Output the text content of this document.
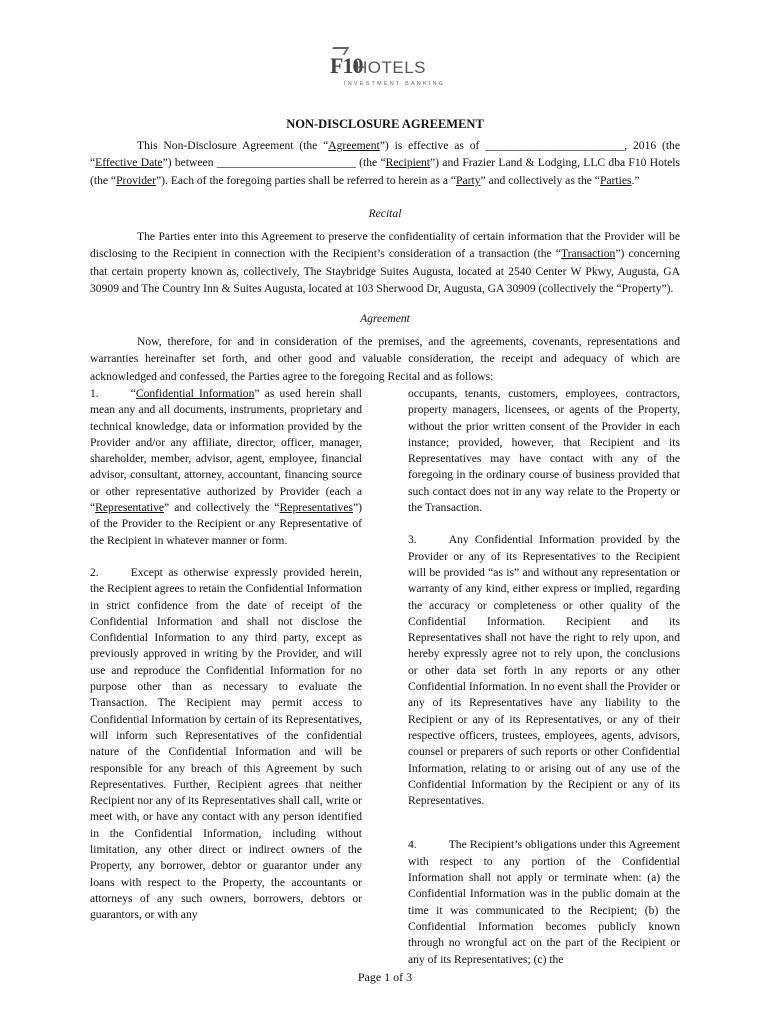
F10
HOTELS
INVESTMENT BANKING
NON-DISCLOSURE AGREEMENT
This Non-Disclosure Agreement (the “Agreement”) is effective as of ________________________, 2016 (the “Effective Date”) between ________________________ (the “Recipient”) and Frazier Land & Lodging, LLC dba F10 Hotels (the “Provider”). Each of the foregoing parties shall be referred to herein as a “Party” and collectively as the “Parties.”
Recital
The Parties enter into this Agreement to preserve the confidentiality of certain information that the Provider will be disclosing to the Recipient in connection with the Recipient’s consideration of a transaction (the “Transaction”) concerning that certain property known as, collectively, The Staybridge Suites Augusta, located at 2540 Center W Pkwy, Augusta, GA 30909 and The Country Inn & Suites Augusta, located at 103 Sherwood Dr, Augusta, GA 30909 (collectively the “Property”).
Agreement
Now, therefore, for and in consideration of the premises, and the agreements, covenants, representations and warranties hereinafter set forth, and other good and valuable consideration, the receipt and adequacy of which are acknowledged and confessed, the Parties agree to the foregoing Recital and as follows:

1.	“Confidential Information” as used herein shall mean any and all documents, instruments, proprietary and technical knowledge, data or information provided by the Provider and/or any affiliate, director, officer, manager, shareholder, member, advisor, agent, employee, financial advisor, consultant, attorney, accountant, financing source or other representative authorized by Provider (each a “Representative” and collectively the “Representatives”) of the Provider to the Recipient or any Representative of the Recipient in whatever manner or form.

2.	Except as otherwise expressly provided herein, the Recipient agrees to retain the Confidential Information in strict confidence from the date of receipt of the Confidential Information and shall not disclose the Confidential Information to any third party, except as previously approved in writing by the Provider, and will use and reproduce the Confidential Information for no purpose other than as necessary to evaluate the Transaction. The Recipient may permit access to Confidential Information by certain of its Representatives, will inform such Representatives of the confidential nature of the Confidential Information and will be responsible for any breach of this Agreement by such Representatives. Further, Recipient agrees that neither Recipient nor any of its Representatives shall call, write or meet with, or have any contact with any person identified in the Confidential Information, including without limitation, any other direct or indirect owners of the Property, any borrower, debtor or guarantor under any loans with respect to the Property, the accountants or attorneys of any such owners, borrowers, debtors or guarantors, or with any

occupants, tenants, customers, employees, contractors, property managers, licensees, or agents of the Property, without the prior written consent of the Provider in each instance; provided, however, that Recipient and its Representatives may have contact with any of the foregoing in the ordinary course of business provided that such contact does not in any way relate to the Property or the Transaction.

3.	Any Confidential Information provided by the Provider or any of its Representatives to the Recipient will be provided “as is” and without any representation or warranty of any kind, either express or implied, regarding the accuracy or completeness or other quality of the Confidential Information. Recipient and its Representatives shall not have the right to rely upon, and hereby expressly agree not to rely upon, the conclusions or other data set forth in any reports or any other Confidential Information. In no event shall the Provider or any of its Representatives have any liability to the Recipient or any of its Representatives, or any of their respective officers, trustees, employees, agents, advisors, counsel or preparers of such reports or other Confidential Information, relating to or arising out of any use of the Confidential Information by the Recipient or any of its Representatives.

4.	The Recipient’s obligations under this Agreement with respect to any portion of the Confidential Information shall not apply or terminate when: (a) the Confidential Information was in the public domain at the time it was communicated to the Recipient; (b) the Confidential Information becomes publicly known through no wrongful act on the part of the Recipient or any of its Representatives; (c) the

Page 1 of 3
